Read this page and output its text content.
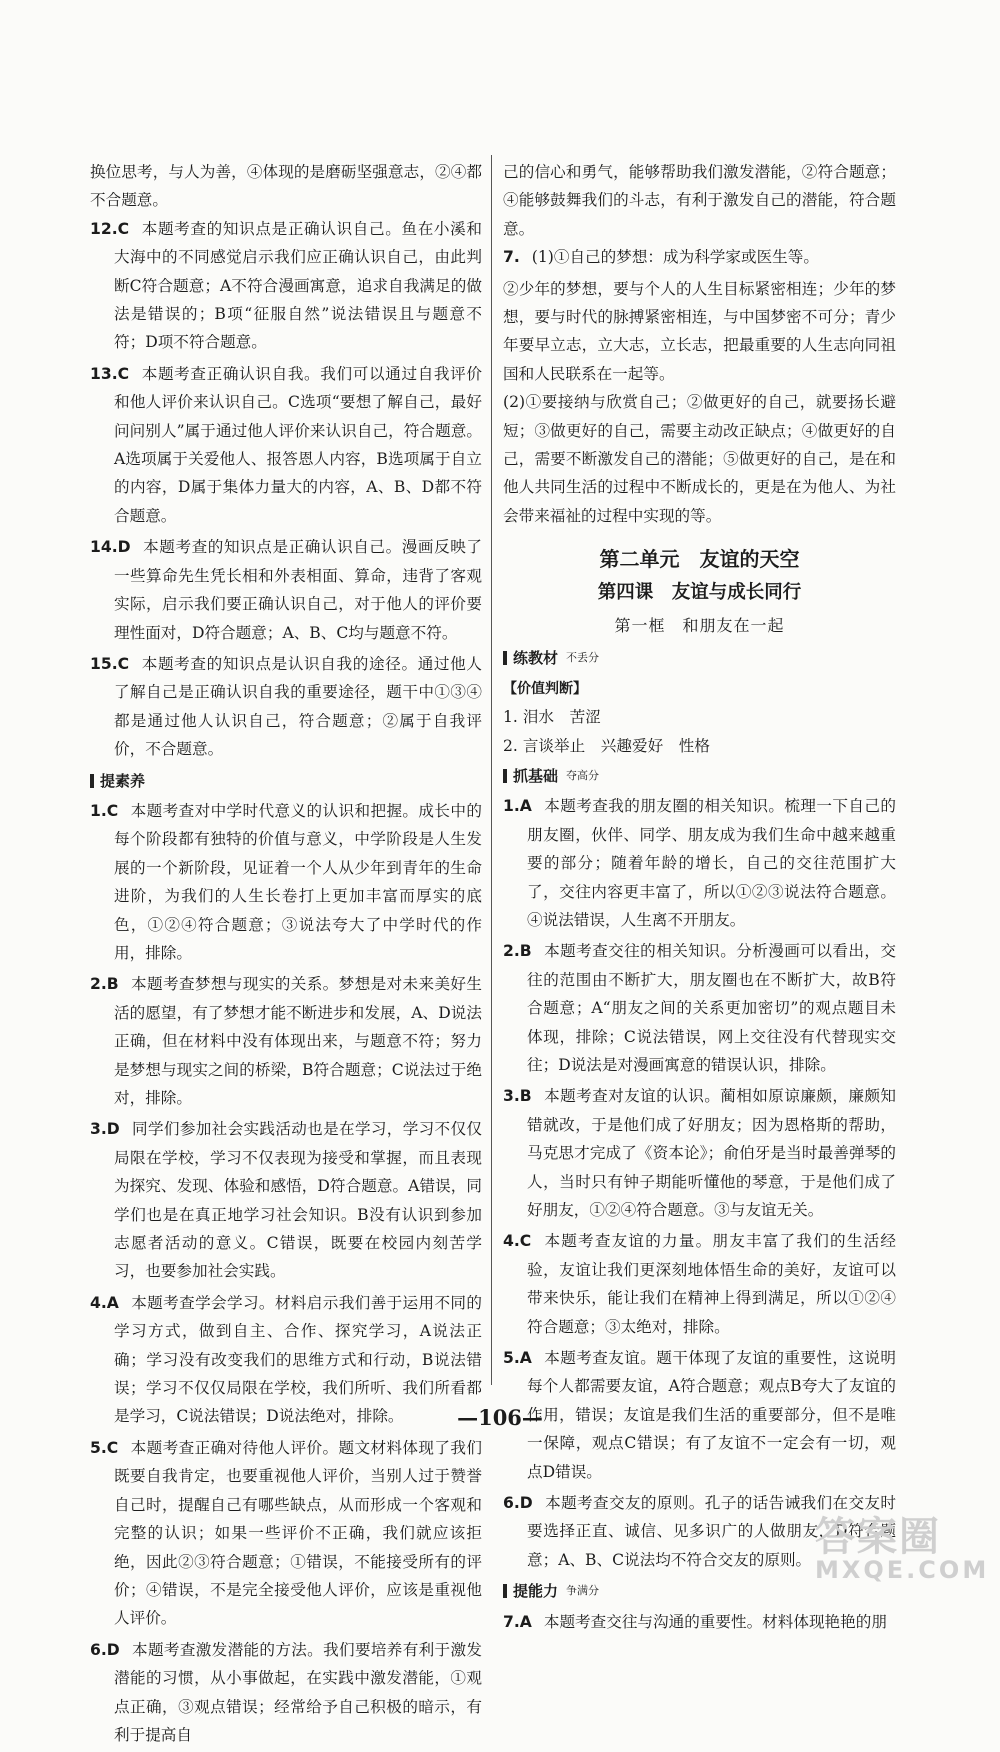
换位思考，与人为善，④体现的是磨砺坚强意志，②④都不合题意。

12.C 本题考查的知识点是正确认识自己。鱼在小溪和大海中的不同感觉启示我们应正确认识自己，由此判断C符合题意；A不符合漫画寓意，追求自我满足的做法是错误的；B项“征服自然”说法错误且与题意不符；D项不符合题意。

13.C 本题考查正确认识自我。我们可以通过自我评价和他人评价来认识自己。C选项“要想了解自己，最好问问别人”属于通过他人评价来认识自己，符合题意。A选项属于关爱他人、报答恩人内容，B选项属于自立的内容，D属于集体力量大的内容，A、B、D都不符合题意。

14.D 本题考查的知识点是正确认识自己。漫画反映了一些算命先生凭长相和外表相面、算命，违背了客观实际，启示我们要正确认识自己，对于他人的评价要理性面对，D符合题意；A、B、C均与题意不符。

15.C 本题考查的知识点是认识自我的途径。通过他人了解自己是正确认识自我的重要途径，题干中①③④都是通过他人认识自己，符合题意；②属于自我评价，不合题意。

提素养

1.C 本题考查对中学时代意义的认识和把握。成长中的每个阶段都有独特的价值与意义，中学阶段是人生发展的一个新阶段，见证着一个人从少年到青年的生命进阶，为我们的人生长卷打上更加丰富而厚实的底色，①②④符合题意；③说法夸大了中学时代的作用，排除。

2.B 本题考查梦想与现实的关系。梦想是对未来美好生活的愿望，有了梦想才能不断进步和发展，A、D说法正确，但在材料中没有体现出来，与题意不符；努力是梦想与现实之间的桥梁，B符合题意；C说法过于绝对，排除。

3.D 同学们参加社会实践活动也是在学习，学习不仅仅局限在学校，学习不仅表现为接受和掌握，而且表现为探究、发现、体验和感悟，D符合题意。A错误，同学们也是在真正地学习社会知识。B没有认识到参加志愿者活动的意义。C错误，既要在校园内刻苦学习，也要参加社会实践。

4.A 本题考查学会学习。材料启示我们善于运用不同的学习方式，做到自主、合作、探究学习，A说法正确；学习没有改变我们的思维方式和行动，B说法错误；学习不仅仅局限在学校，我们所听、我们所看都是学习，C说法错误；D说法绝对，排除。

5.C 本题考查正确对待他人评价。题文材料体现了我们既要自我肯定，也要重视他人评价，当别人过于赞誉自己时，提醒自己有哪些缺点，从而形成一个客观和完整的认识；如果一些评价不正确，我们就应该拒绝，因此②③符合题意；①错误，不能接受所有的评价；④错误，不是完全接受他人评价，应该是重视他人评价。

6.D 本题考查激发潜能的方法。我们要培养有利于激发潜能的习惯，从小事做起，在实践中激发潜能，①观点正确，③观点错误；经常给予自己积极的暗示，有利于提高自

己的信心和勇气，能够帮助我们激发潜能，②符合题意；④能够鼓舞我们的斗志，有利于激发自己的潜能，符合题意。

7. (1)①自己的梦想：成为科学家或医生等。

②少年的梦想，要与个人的人生目标紧密相连；少年的梦想，要与时代的脉搏紧密相连，与中国梦密不可分；青少年要早立志，立大志，立长志，把最重要的人生志向同祖国和人民联系在一起等。

(2)①要接纳与欣赏自己；②做更好的自己，就要扬长避短；③做更好的自己，需要主动改正缺点；④做更好的自己，需要不断激发自己的潜能；⑤做更好的自己，是在和他人共同生活的过程中不断成长的，更是在为他人、为社会带来福祉的过程中实现的等。

第二单元　友谊的天空

第四课　友谊与成长同行

第一框　和朋友在一起

练教材 不丢分

【价值判断】

1. 泪水　苦涩

2. 言谈举止　兴趣爱好　性格

抓基础 夺高分

1.A 本题考查我的朋友圈的相关知识。梳理一下自己的朋友圈，伙伴、同学、朋友成为我们生命中越来越重要的部分；随着年龄的增长，自己的交往范围扩大了，交往内容更丰富了，所以①②③说法符合题意。④说法错误，人生离不开朋友。

2.B 本题考查交往的相关知识。分析漫画可以看出，交往的范围由不断扩大，朋友圈也在不断扩大，故B符合题意；A“朋友之间的关系更加密切”的观点题目未体现，排除；C说法错误，网上交往没有代替现实交往；D说法是对漫画寓意的错误认识，排除。

3.B 本题考查对友谊的认识。蔺相如原谅廉颇，廉颇知错就改，于是他们成了好朋友；因为恩格斯的帮助，马克思才完成了《资本论》；俞伯牙是当时最善弹琴的人，当时只有钟子期能听懂他的琴意，于是他们成了好朋友，①②④符合题意。③与友谊无关。

4.C 本题考查友谊的力量。朋友丰富了我们的生活经验，友谊让我们更深刻地体悟生命的美好，友谊可以带来快乐，能让我们在精神上得到满足，所以①②④符合题意；③太绝对，排除。

5.A 本题考查友谊。题干体现了友谊的重要性，这说明每个人都需要友谊，A符合题意；观点B夸大了友谊的作用，错误；友谊是我们生活的重要部分，但不是唯一保障，观点C错误；有了友谊不一定会有一切，观点D错误。

6.D 本题考查交友的原则。孔子的话告诫我们在交友时要选择正直、诚信、见多识广的人做朋友，D符合题意；A、B、C说法均不符合交友的原则。

提能力 争满分

7.A 本题考查交往与沟通的重要性。材料体现艳艳的朋

—106—
答案圈
MXQE.COM
